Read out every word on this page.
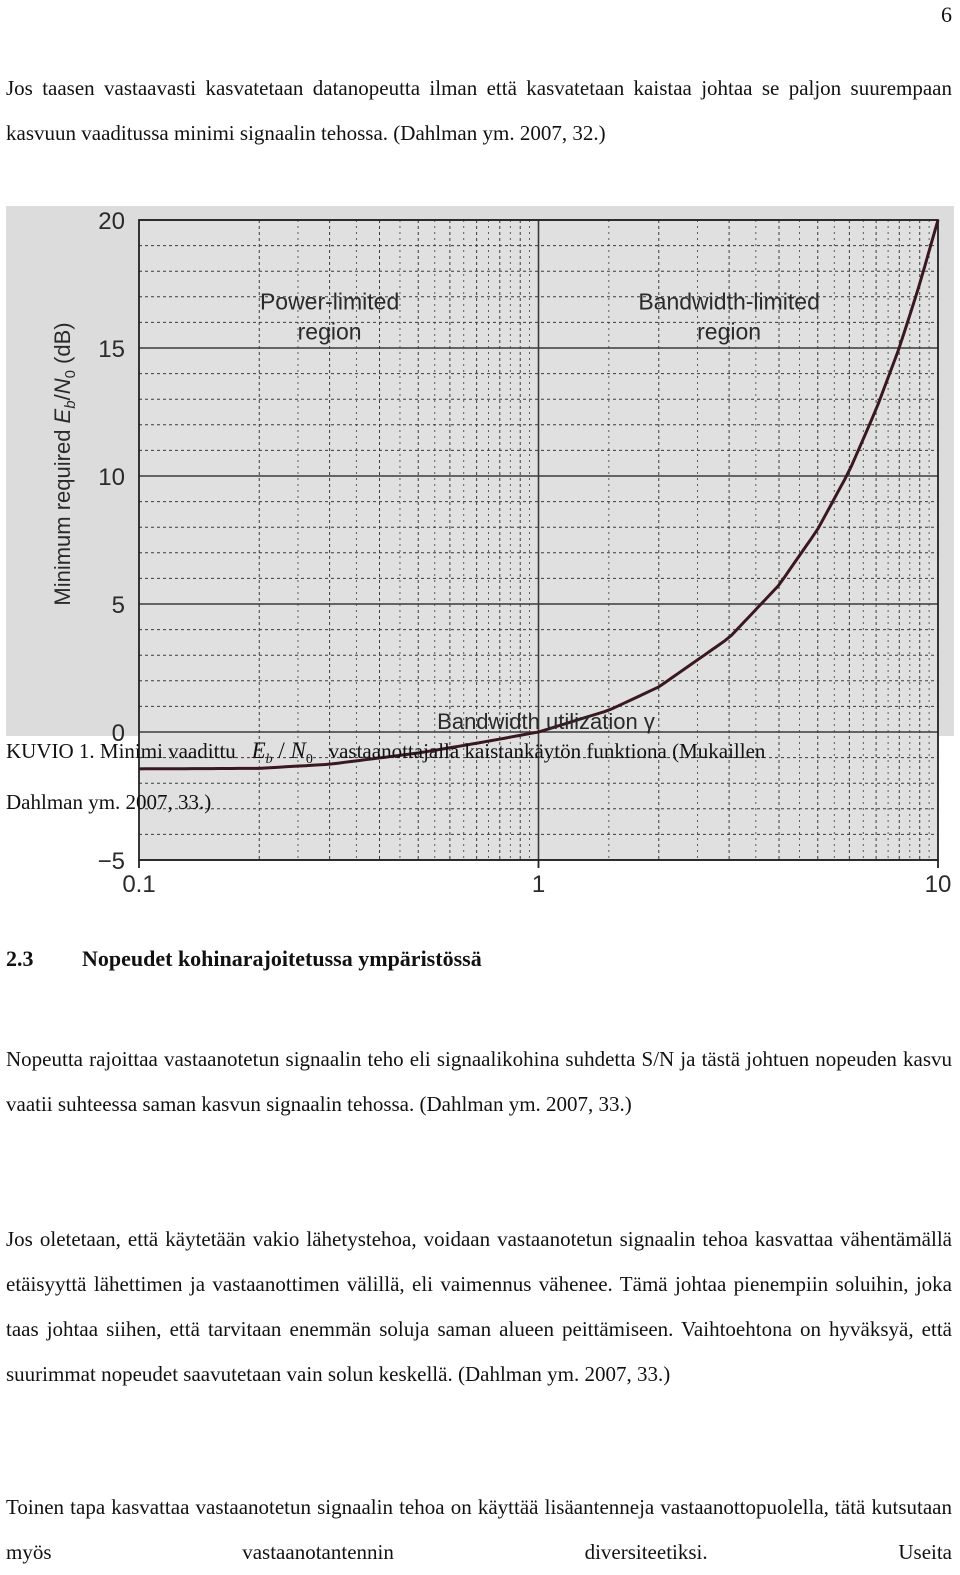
6

Jos taasen vastaavasti kasvatetaan datanopeutta ilman että kasvatetaan kaistaa johtaa se paljon suurempaan kasvuun vaaditussa minimi signaalin tehossa. (Dahlman ym. 2007, 32.)

20
15
10
5
0
−5
0.1	1	10
Power-limited
region
Bandwidth-limited
region
Bandwidth utilization γ
Minimum required $E_b/N_0$ (dB)
KUVIO 1. Minimi vaadittu $E_b / N_0$ vastaanottajalla kaistankäytön funktiona (Mukaillen
Dahlman ym. 2007, 33.)
2.3 Nopeudet kohinarajoitetussa ympäristössä

Nopeutta rajoittaa vastaanotetun signaalin teho eli signaalikohina suhdetta S/N ja tästä johtuen nopeuden kasvu vaatii suhteessa saman kasvun signaalin tehossa. (Dahlman ym. 2007, 33.)

Jos oletetaan, että käytetään vakio lähetystehoa, voidaan vastaanotetun signaalin tehoa kasvattaa vähentämällä etäisyyttä lähettimen ja vastaanottimen välillä, eli vaimennus vähenee. Tämä johtaa pienempiin soluihin, joka taas johtaa siihen, että tarvitaan enemmän soluja saman alueen peittämiseen. Vaihtoehtona on hyväksyä, että suurimmat nopeudet saavutetaan vain solun keskellä. (Dahlman ym. 2007, 33.)

Toinen tapa kasvattaa vastaanotetun signaalin tehoa on käyttää lisäantenneja vastaanottopuolella, tätä kutsutaan myös vastaanotantennin diversiteetiksi. Useita
